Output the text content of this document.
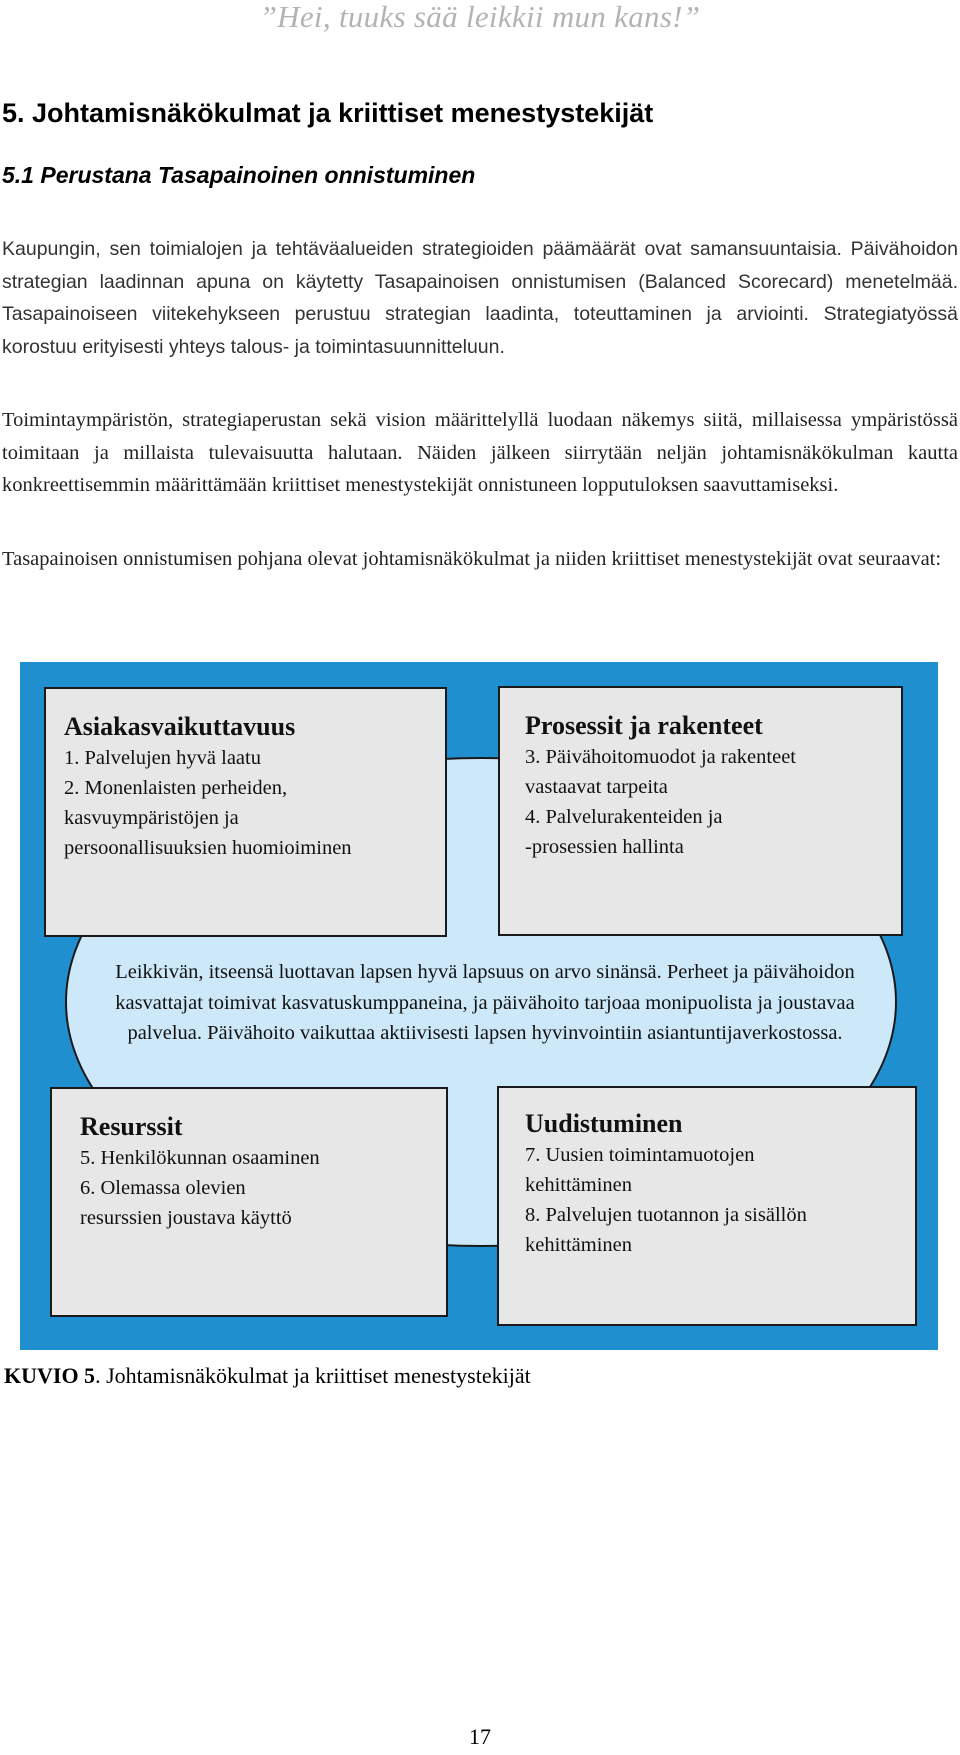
”Hei, tuuks sää leikkii mun kans!”
5. Johtamisnäkökulmat ja kriittiset menestystekijät
5.1 Perustana Tasapainoinen onnistuminen
Kaupungin, sen toimialojen ja tehtäväalueiden strategioiden päämäärät ovat samansuuntaisia. Päivähoidon strategian laadinnan apuna on käytetty Tasapainoisen onnistumisen (Balanced Scorecard) menetelmää. Tasapainoiseen viitekehykseen perustuu strategian laadinta, toteuttaminen ja arviointi. Strategiatyössä korostuu erityisesti yhteys talous- ja toimintasuunnitteluun.
Toimintaympäristön, strategiaperustan sekä vision määrittelyllä luodaan näkemys siitä, millaisessa ympäristössä toimitaan ja millaista tulevaisuutta halutaan. Näiden jälkeen siirrytään neljän johtamisnäkökulman kautta konkreettisemmin määrittämään kriittiset menestystekijät onnistuneen lopputuloksen saavuttamiseksi.
Tasapainoisen onnistumisen pohjana olevat johtamisnäkökulmat ja niiden kriittiset menestystekijät ovat seuraavat:
Leikkivän, itseensä luottavan lapsen hyvä lapsuus on arvo sinänsä. Perheet ja päivähoidon kasvattajat toimivat kasvatuskumppaneina, ja päivähoito tarjoaa monipuolista ja joustavaa palvelua. Päivähoito vaikuttaa aktiivisesti lapsen hyvinvointiin asiantuntijaverkostossa.
Asiakasvaikuttavuus
1. Palvelujen hyvä laatu
2. Monenlaisten perheiden,
kasvuympäristöjen ja
persoonallisuuksien huomioiminen
Prosessit ja rakenteet
3. Päivähoitomuodot ja rakenteet
vastaavat tarpeita
4. Palvelurakenteiden ja
-prosessien hallinta
Resurssit
5. Henkilökunnan osaaminen
6. Olemassa olevien
resurssien joustava käyttö
Uudistuminen
7. Uusien toimintamuotojen
kehittäminen
8. Palvelujen tuotannon ja sisällön
kehittäminen
KUVIO 5. Johtamisnäkökulmat ja kriittiset menestystekijät
17
